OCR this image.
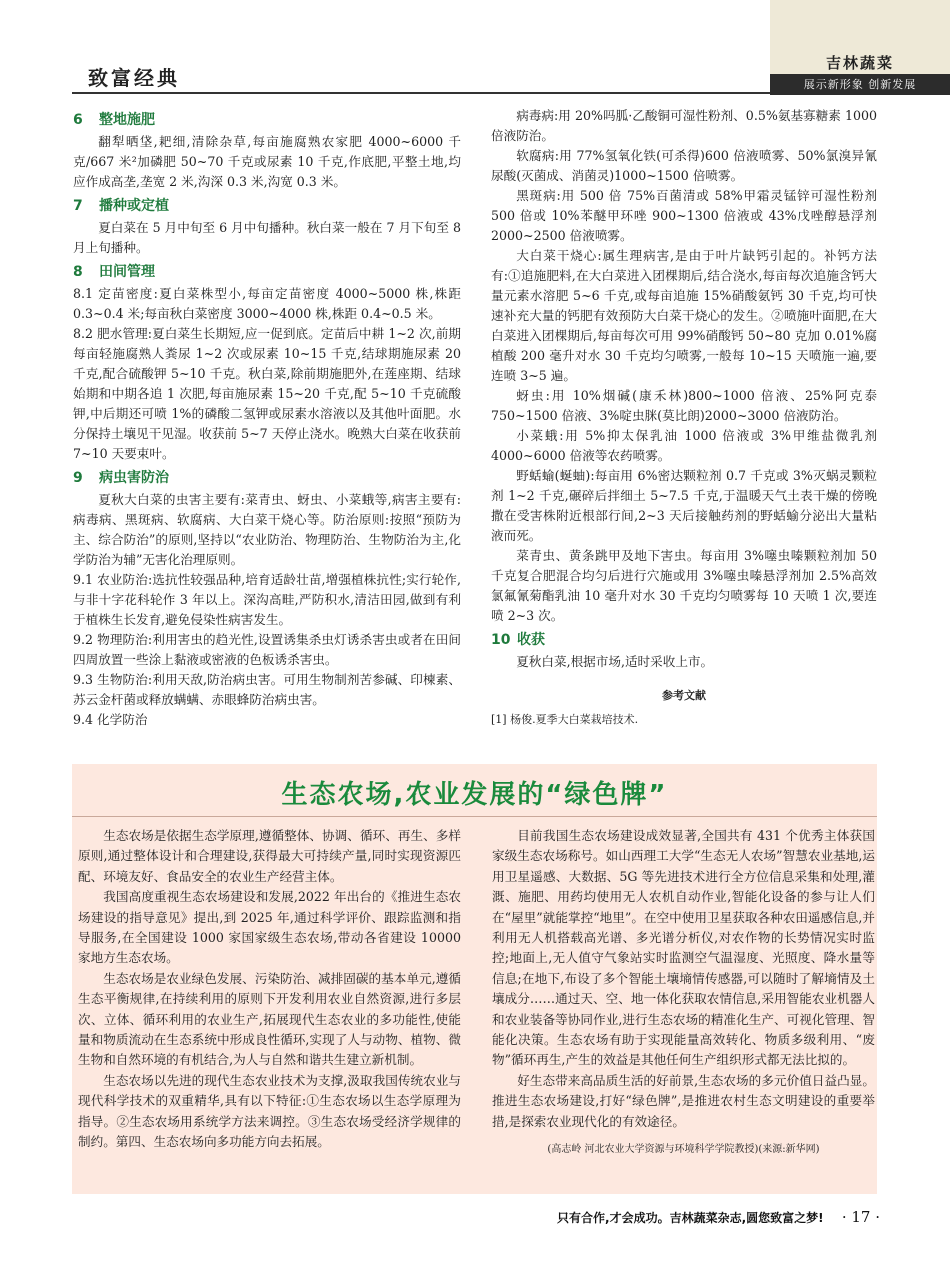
致富经典
吉林蔬菜
展示新形象 创新发展
6 整地施肥

翻犁晒垡,耙细,清除杂草,每亩施腐熟农家肥 4000~6000 千克/667 米²加磷肥 50~70 千克或尿素 10 千克,作底肥,平整土地,均应作成高垄,垄宽 2 米,沟深 0.3 米,沟宽 0.3 米。

7 播种或定植

夏白菜在 5 月中旬至 6 月中旬播种。秋白菜一般在 7 月下旬至 8 月上旬播种。

8 田间管理

8.1 定苗密度:夏白菜株型小,每亩定苗密度 4000~5000 株,株距 0.3~0.4 米;每亩秋白菜密度 3000~4000 株,株距 0.4~0.5 米。

8.2 肥水管理:夏白菜生长期短,应一促到底。定苗后中耕 1~2 次,前期每亩轻施腐熟人粪尿 1~2 次或尿素 10~15 千克,结球期施尿素 20 千克,配合硫酸钾 5~10 千克。秋白菜,除前期施肥外,在莲座期、结球始期和中期各追 1 次肥,每亩施尿素 15~20 千克,配 5~10 千克硫酸钾,中后期还可喷 1%的磷酸二氢钾或尿素水溶液以及其他叶面肥。水分保持土壤见干见湿。收获前 5~7 天停止浇水。晚熟大白菜在收获前 7~10 天要束叶。

9 病虫害防治

夏秋大白菜的虫害主要有:菜青虫、蚜虫、小菜蛾等,病害主要有:病毒病、黑斑病、软腐病、大白菜干烧心等。防治原则:按照“预防为主、综合防治”的原则,坚持以“农业防治、物理防治、生物防治为主,化学防治为辅”无害化治理原则。

9.1 农业防治:选抗性较强品种,培育适龄壮苗,增强植株抗性;实行轮作,与非十字花科轮作 3 年以上。深沟高畦,严防积水,清洁田园,做到有利于植株生长发育,避免侵染性病害发生。

9.2 物理防治:利用害虫的趋光性,设置诱集杀虫灯诱杀害虫或者在田间四周放置一些涂上黏液或密液的色板诱杀害虫。

9.3 生物防治:利用天敌,防治病虫害。可用生物制剂苦参碱、印楝素、苏云金杆菌或释放螨螨、赤眼蜂防治病虫害。

9.4 化学防治

病毒病:用 20%吗胍·乙酸铜可湿性粉剂、0.5%氨基寡糖素 1000 倍液防治。

软腐病:用 77%氢氧化铁(可杀得)600 倍液喷雾、50%氯溴异氰尿酸(灭菌成、消菌灵)1000~1500 倍喷雾。

黑斑病:用 500 倍 75%百菌清或 58%甲霜灵锰锌可湿性粉剂 500 倍或 10%苯醚甲环唑 900~1300 倍液或 43%戊唑醇悬浮剂 2000~2500 倍液喷雾。

大白菜干烧心:属生理病害,是由于叶片缺钙引起的。补钙方法有:①追施肥料,在大白菜进入团棵期后,结合浇水,每亩每次追施含钙大量元素水溶肥 5~6 千克,或每亩追施 15%硝酸氨钙 30 千克,均可快速补充大量的钙肥有效预防大白菜干烧心的发生。②喷施叶面肥,在大白菜进入团棵期后,每亩每次可用 99%硝酸钙 50~80 克加 0.01%腐植酸 200 毫升对水 30 千克均匀喷雾,一般每 10~15 天喷施一遍,要连喷 3~5 遍。

蚜虫:用 10%烟碱(康禾林)800~1000 倍液、25%阿克泰 750~1500 倍液、3%啶虫脒(莫比朗)2000~3000 倍液防治。

小菜蛾:用 5%抑太保乳油 1000 倍液或 3%甲维盐微乳剂 4000~6000 倍液等农药喷雾。

野蛞蝓(蜒蚰):每亩用 6%密达颗粒剂 0.7 千克或 3%灭蜗灵颗粒剂 1~2 千克,碾碎后拌细土 5~7.5 千克,于温暖天气土表干燥的傍晚撒在受害株附近根部行间,2~3 天后接触药剂的野蛞蝓分泌出大量粘液而死。

菜青虫、黄条跳甲及地下害虫。每亩用 3%噻虫嗪颗粒剂加 50 千克复合肥混合均匀后进行穴施或用 3%噻虫嗪悬浮剂加 2.5%高效氯氟氰菊酯乳油 10 毫升对水 30 千克均匀喷雾每 10 天喷 1 次,要连喷 2~3 次。

10 收获

夏秋白菜,根据市场,适时采收上市。

参考文献
[1] 杨俊.夏季大白菜栽培技术.
生态农场,农业发展的“绿色牌”

生态农场是依据生态学原理,遵循整体、协调、循环、再生、多样原则,通过整体设计和合理建设,获得最大可持续产量,同时实现资源匹配、环境友好、食品安全的农业生产经营主体。

我国高度重视生态农场建设和发展,2022 年出台的《推进生态农场建设的指导意见》提出,到 2025 年,通过科学评价、跟踪监测和指导服务,在全国建设 1000 家国家级生态农场,带动各省建设 10000 家地方生态农场。

生态农场是农业绿色发展、污染防治、减排固碳的基本单元,遵循生态平衡规律,在持续利用的原则下开发利用农业自然资源,进行多层次、立体、循环利用的农业生产,拓展现代生态农业的多功能性,使能量和物质流动在生态系统中形成良性循环,实现了人与动物、植物、微生物和自然环境的有机结合,为人与自然和谐共生建立新机制。

生态农场以先进的现代生态农业技术为支撑,汲取我国传统农业与现代科学技术的双重精华,具有以下特征:①生态农场以生态学原理为指导。②生态农场用系统学方法来调控。③生态农场受经济学规律的制约。第四、生态农场向多功能方向去拓展。

目前我国生态农场建设成效显著,全国共有 431 个优秀主体获国家级生态农场称号。如山西理工大学“生态无人农场”智慧农业基地,运用卫星遥感、大数据、5G 等先进技术进行全方位信息采集和处理,灌溉、施肥、用药均使用无人农机自动作业,智能化设备的参与让人们在“屋里”就能掌控“地里”。在空中使用卫星获取各种农田遥感信息,并利用无人机搭载高光谱、多光谱分析仪,对农作物的长势情况实时监控;地面上,无人值守气象站实时监测空气温湿度、光照度、降水量等信息;在地下,布设了多个智能土壤墒情传感器,可以随时了解墒情及土壤成分……通过天、空、地一体化获取农情信息,采用智能农业机器人和农业装备等协同作业,进行生态农场的精准化生产、可视化管理、智能化决策。生态农场有助于实现能量高效转化、物质多级利用、“废物”循环再生,产生的效益是其他任何生产组织形式都无法比拟的。

好生态带来高品质生活的好前景,生态农场的多元价值日益凸显。推进生态农场建设,打好“绿色牌”,是推进农村生态文明建设的重要举措,是探索农业现代化的有效途径。

(高志岭 河北农业大学资源与环境科学学院教授)(来源:新华网)

只有合作,才会成功。吉林蔬菜杂志,圆您致富之梦! · 17 ·
